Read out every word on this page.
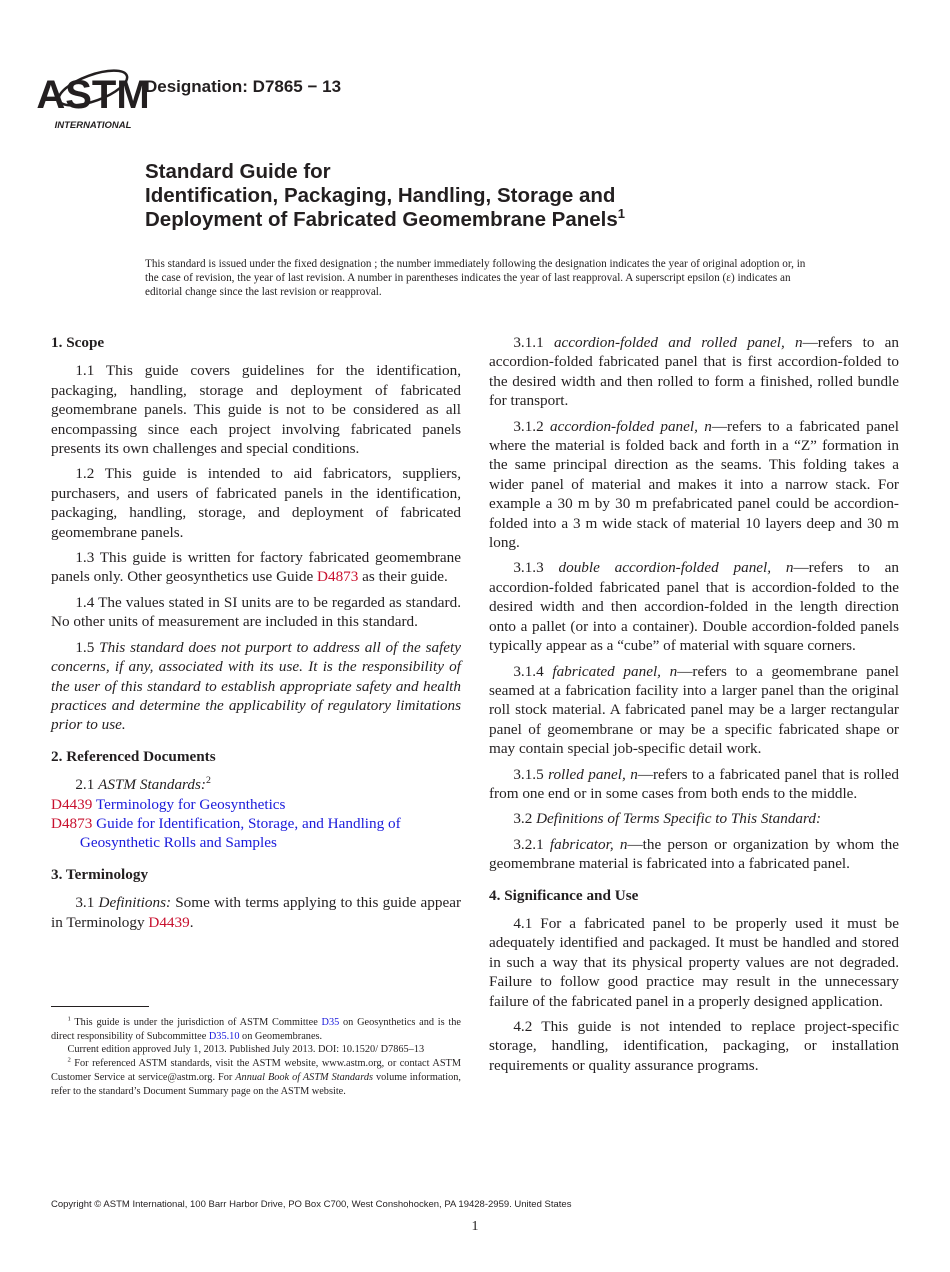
ASTM
INTERNATIONAL
Designation: D7865 − 13
Standard Guide for
Identification, Packaging, Handling, Storage and
Deployment of Fabricated Geomembrane Panels$^1$
This standard is issued under the fixed designation ; the number immediately following the designation indicates the year of original adoption or, in the case of revision, the year of last revision. A number in parentheses indicates the year of last reapproval. A superscript epsilon (ε) indicates an editorial change since the last revision or reapproval.
1. Scope

1.1 This guide covers guidelines for the identification, packaging, handling, storage and deployment of fabricated geomembrane panels. This guide is not to be considered as all encompassing since each project involving fabricated panels presents its own challenges and special conditions.

1.2 This guide is intended to aid fabricators, suppliers, purchasers, and users of fabricated panels in the identification, packaging, handling, storage, and deployment of fabricated geomembrane panels.

1.3 This guide is written for factory fabricated geomembrane panels only. Other geosynthetics use Guide D4873 as their guide.

1.4 The values stated in SI units are to be regarded as standard. No other units of measurement are included in this standard.

1.5 This standard does not purport to address all of the safety concerns, if any, associated with its use. It is the responsibility of the user of this standard to establish appropriate safety and health practices and determine the applicability of regulatory limitations prior to use.

2. Referenced Documents

2.1 ASTM Standards:$^2$

D4439 Terminology for Geosynthetics

D4873 Guide for Identification, Storage, and Handling of Geosynthetic Rolls and Samples

3. Terminology

3.1 Definitions: Some with terms applying to this guide appear in Terminology D4439.

3.1.1 accordion-folded and rolled panel, n—refers to an accordion-folded fabricated panel that is first accordion-folded to the desired width and then rolled to form a finished, rolled bundle for transport.

3.1.2 accordion-folded panel, n—refers to a fabricated panel where the material is folded back and forth in a “Z” formation in the same principal direction as the seams. This folding takes a wider panel of material and makes it into a narrow stack. For example a 30 m by 30 m prefabricated panel could be accordion-folded into a 3 m wide stack of material 10 layers deep and 30 m long.

3.1.3 double accordion-folded panel, n—refers to an accordion-folded fabricated panel that is accordion-folded to the desired width and then accordion-folded in the length direction onto a pallet (or into a container). Double accordion-folded panels typically appear as a “cube” of material with square corners.

3.1.4 fabricated panel, n—refers to a geomembrane panel seamed at a fabrication facility into a larger panel than the original roll stock material. A fabricated panel may be a larger rectangular panel of geomembrane or may be a specific fabricated shape or may contain special job-specific detail work.

3.1.5 rolled panel, n—refers to a fabricated panel that is rolled from one end or in some cases from both ends to the middle.

3.2 Definitions of Terms Specific to This Standard:

3.2.1 fabricator, n—the person or organization by whom the geomembrane material is fabricated into a fabricated panel.

4. Significance and Use

4.1 For a fabricated panel to be properly used it must be adequately identified and packaged. It must be handled and stored in such a way that its physical property values are not degraded. Failure to follow good practice may result in the unnecessary failure of the fabricated panel in a properly designed application.

4.2 This guide is not intended to replace project-specific storage, handling, identification, packaging, or installation requirements or quality assurance programs.

$^1$ This guide is under the jurisdiction of ASTM Committee D35 on Geosynthetics and is the direct responsibility of Subcommittee D35.10 on Geomembranes.

Current edition approved July 1, 2013. Published July 2013. DOI: 10.1520/ D7865–13

$^2$ For referenced ASTM standards, visit the ASTM website, www.astm.org, or contact ASTM Customer Service at service@astm.org. For Annual Book of ASTM Standards volume information, refer to the standard’s Document Summary page on the ASTM website.

Copyright © ASTM International, 100 Barr Harbor Drive, PO Box C700, West Conshohocken, PA 19428-2959. United States
1
